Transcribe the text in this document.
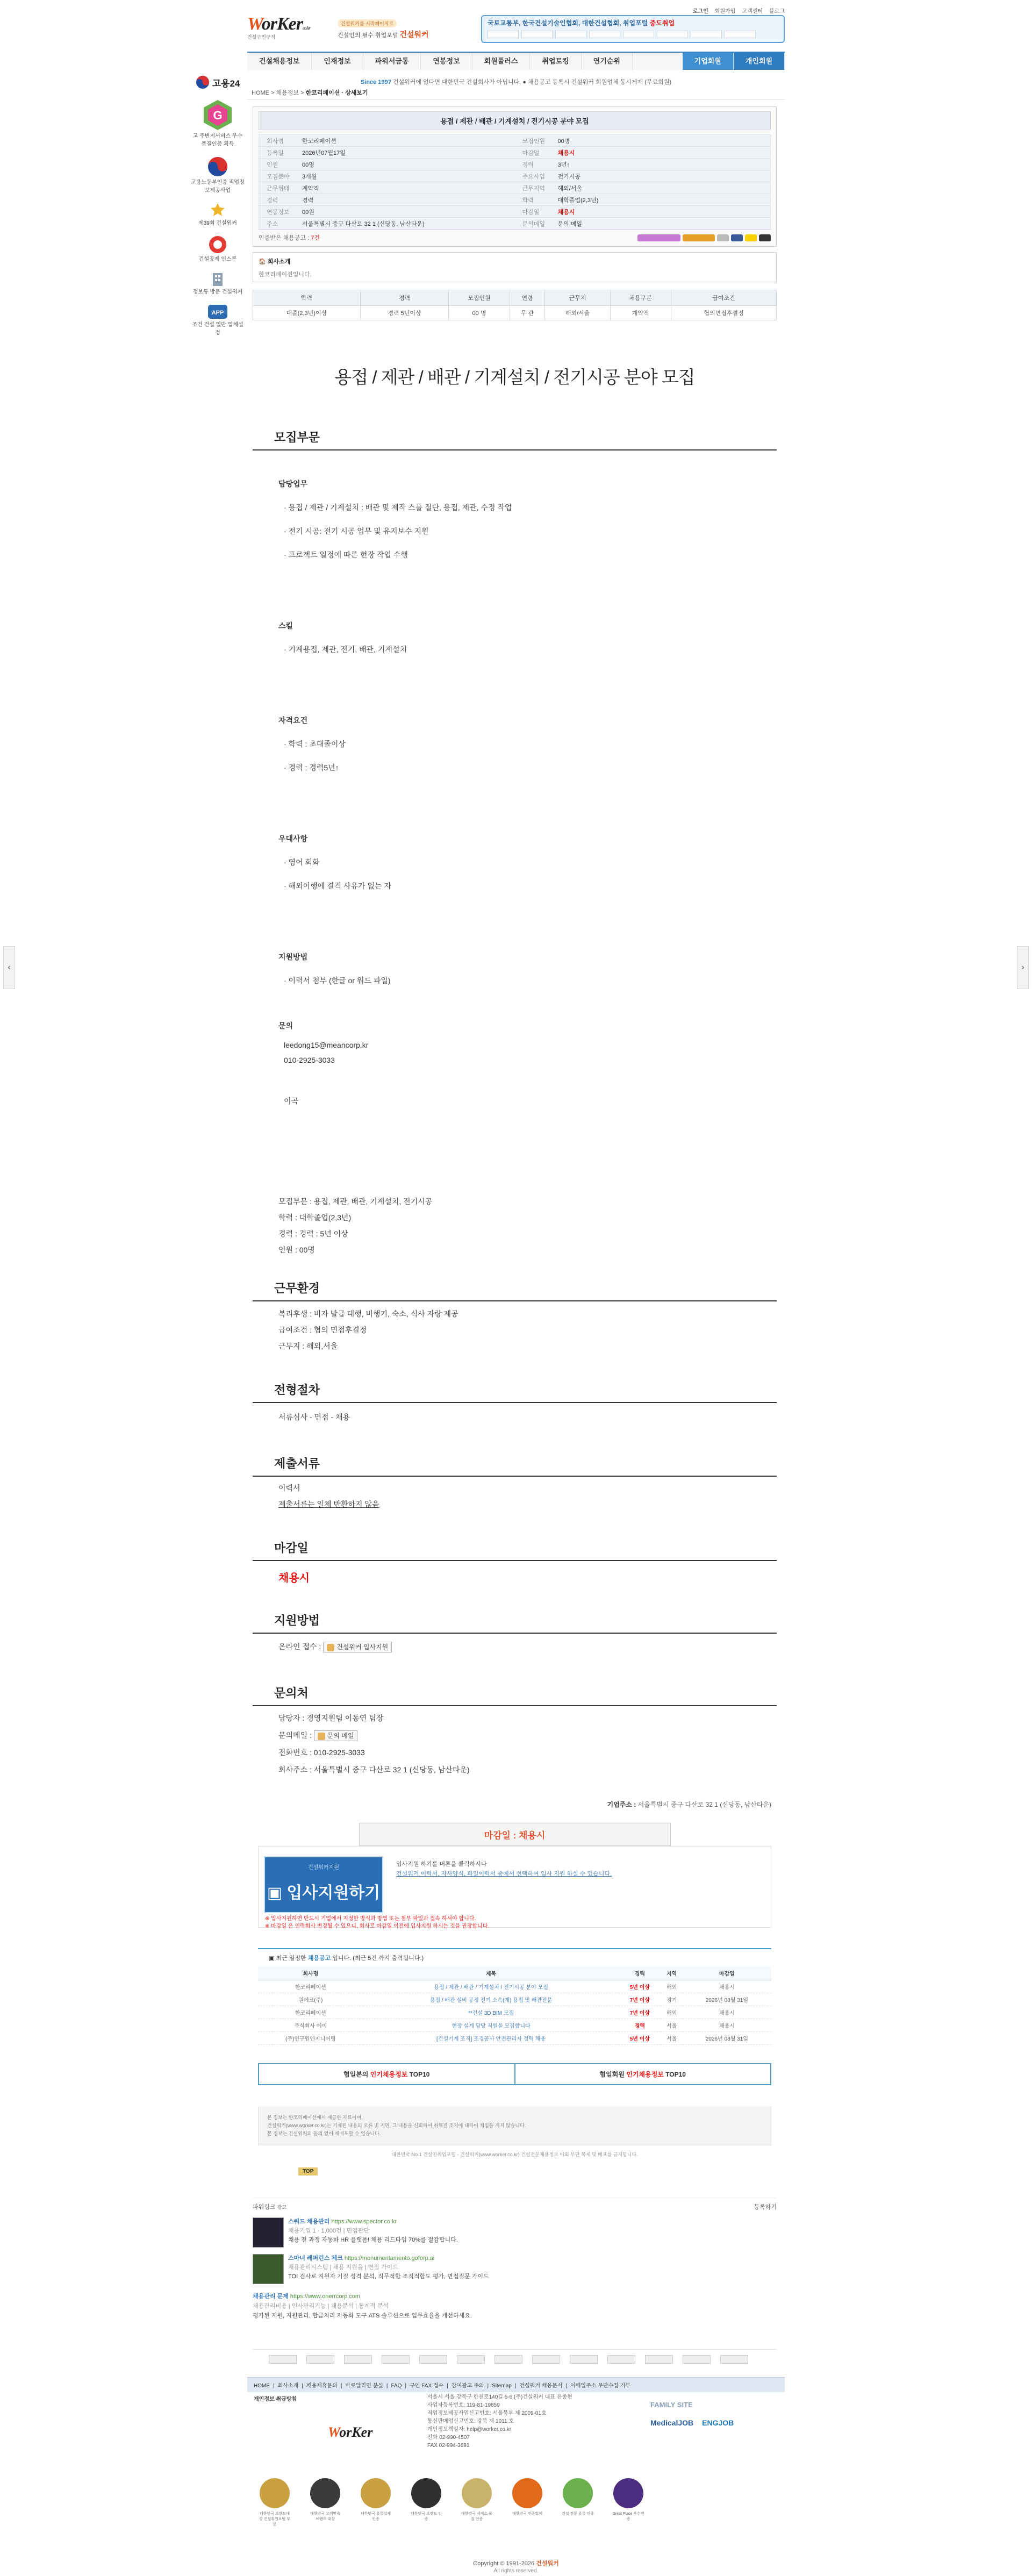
‹	›
고용24
G
고 주변지서비스 우수품질인증 획득
고용노동부인증 직업정보제공사업
제39회 건설워커
건설공제 인스콘
정보통 방문 건설워커
APP
조건 건설 일반 업체설정
WorKerco.kr
건설구인구직
건설워커를 시작페이지로
건설인의 필수 취업포털 건설워커
로그인 회원가입 고객센터 블로그
국토교통부, 한국건설기술인협회, 대한건설협회, 취업포털 중도취업
건설채용정보	인재정보	파워서금통	연봉정보	회원플러스	취업토킹	연기순위	기업회원	개인회원
Since 1997 건설워커에 없다면 대한민국 건설회사가 아닙니다. ● 채용공고 등록시 건설워커 회원업체 동시게재 (무료회원)
HOME > 채용정보 > 한코리페이션 · 상세보기
용접 / 제관 / 배관 / 기계설치 / 전기시공 분야 모집
회사명	한코리페이션	모집인원	00명
등록일	2026년07월17일	마감일	채용시
인원	00명	경력	3년↑
모집분야	3개월	주요사업	전기시공
근무형태	계약직	근무지역	해외/서울
경력	경력	학력	대학졸업(2,3년)
연봉정보	00원	마감일	채용시
주소	서울특별시 중구 다산로 32 1 (신당동, 남산타운)	문의메일	문의 메일
인증받은 채용공고 : 7건
🏠 회사소개
한코리페이션입니다.
학력	경력	모집인원	연령	근무지	채용구분	급여조건
대졸(2,3년)이상	경력 5년이상	00 명	무 관	해외/서울	계약직	협의면접후결정
용접 / 제관 / 배관 / 기계설치 / 전기시공 분야 모집
모집부문
담당업무
· 용접 / 제관 / 기계설치 : 배관 및 제작 스풀 절단, 용접, 제관, 수정 작업
· 전기 시공: 전기 시공 업무 및 유지보수 지원
· 프로젝트 일정에 따른 현장 작업 수행
스킬
· 기계용접, 제관, 전기, 배관, 기계설치
자격요건
· 학력 : 초대졸이상
· 경력 : 경력5년↑
우대사항
· 영어 회화
· 해외이행에 결격 사유가 없는 자
지원방법
· 이력서 첨부 (한글 or 워드 파일)
문의
leedong15@meancorp.kr
010-2925-3033
이곡
모집부문 : 용접, 제관, 배관, 기계설치, 전기시공
학력 : 대학졸업(2,3년)
경력 : 경력 : 5년 이상
인원 : 00명
근무환경
복리후생 : 비자 발급 대행, 비행기, 숙소, 식사 자랑 제공
급여조건 : 협의 면접후결정
근무지 : 해외,서울
전형절차
서류심사 - 면접 - 채용
제출서류
이력서
제출서류는 일체 반환하지 않음
마감일
채용시
지원방법
온라인 접수 : 건설워커 입사지원
문의처
담당자 : 경영지원팀 이동연 팀장
문의메일 : 문의 메일
전화번호 : 010-2925-3033
회사주소 : 서울특별시 중구 다산로 32 1 (신당동, 남산타운)
기업주소 : 서울특별시 중구 다산로 32 1 (신당동, 남산타운)
마감일 : 채용시
건설워커지원
▣ 입사지원하기
입사지원 하기를 버튼을 클릭하시나
건설워커 이력서, 자사양식, 파일이력서 중에서 선택하여 입사 지원 하실 수 있습니다.
※ 입사지원하면 반드시 기업에서 지정한 방식과 방법 또는 첨부 파일과 접속 하셔야 합니다.
※ 마감일 은 인력회사 변경될 수 있으니, 회사로 마감일 이전에 입사지원 하시는 것을 권장합니다.
▣ 최근 일정한 채용공고 입니다. (최근 5건 까지 출력됩니다.)
회사명	제목	경력	지역	마감일
한코리페이션	용접 / 제관 / 배관 / 기계설치 / 전기시공 분야 모집	5년 이상	해외	채용시
원에코(주)	용접 / 배관 설비 공정 전기 소속(계) 용접 및 배관전문	7년 이상	경기	2026년 08월 31일
한코리페이션	**건설 3D BIM 모집	7년 이상	해외	채용시
주식회사 에이	현장 설계 담당 직원을 모집합니다	경력	서울	채용시
(주)연구원엔지니어링	[건설기계 조직] 조경공사 안전관리자 경력 채용	5년 이상	서울	2026년 08월 31일
협일본의 인기채용정보 TOP10	협일회원 인기채용정보 TOP10
본 정보는 한코리페이션에서 제공한 자료이며,
건설워커(www.worker.co.kr)는 기재된 내용의 오류 및 지연, 그 내용을 신뢰하여 취해진 조치에 대하여 책임을 지지 않습니다.
본 정보는 건설워커의 동의 없이 재배포할 수 없습니다.
대한민국 No.1 건설인취업포털 - 건설워커(www.worker.co.kr) 건설전문채용정보 이외 무단 복제 및 배포를 금지합니다.
TOP
파워링크 광고	등록하기
스쿼드 채용관리 https://www.spector.co.kr
채용기업 1 · 1,000건 | 면접판단
채용 전 과정 자동화 HR 플랫폼! 채용 리드타임 70%를 절감합니다.
스마너 레퍼런스 체크 https://monumentamento.goforp.ai
채용관리시스템 | 채용 지원을 | 면접 가이드
TOI 검사로 지원자 기질 성격 분석, 직무적합 조직적합도 평가, 면접질문 가이드
채용관리 문제 https://www.onerrcorp.com
채용관리비용 | 인사관리기능 | 채용분석 | 통계적 분석
평가된 지원, 지원관리, 합급처리 자동화 도구 ATS 솔루션으로 업무효율을 개선하세요.
HOME | 회사소개 | 채용제휴문의 | 바로알리면 분실 | FAQ | 구인 FAX 접수 | 참여광고 주의 | Sitemap | 건설워커 채용문서 | 이메일주소 무단수집 거부
개인정보 취급방침
WorKer
서울시 서울 강북구 한천로140길 5-6 (주)건설워커 대표 유종현
사업자등록번호: 119-81-19859
직업정보제공사업신고번호: 서울북부 제 2009-01호
통신판매업신고번호: 강북 제 1011 호
개인정보책임자: help@worker.co.kr
전화 02-990-4507
FAX 02-994-3691
FAMILY SITE
MedicalJOB ENGJOB
대한민국 브랜드대상 건설취업포털 부문
대한민국 고객만족 브랜드 대상
대한민국 유통업체 인증
대한민국 브랜드 인증
대한민국 서비스 품질 인증
대한민국 인증업체	건설 전문 유통 인증	Great Place 우수인증
Copyright © 1991-2026 건설워커
All rights reserved.
